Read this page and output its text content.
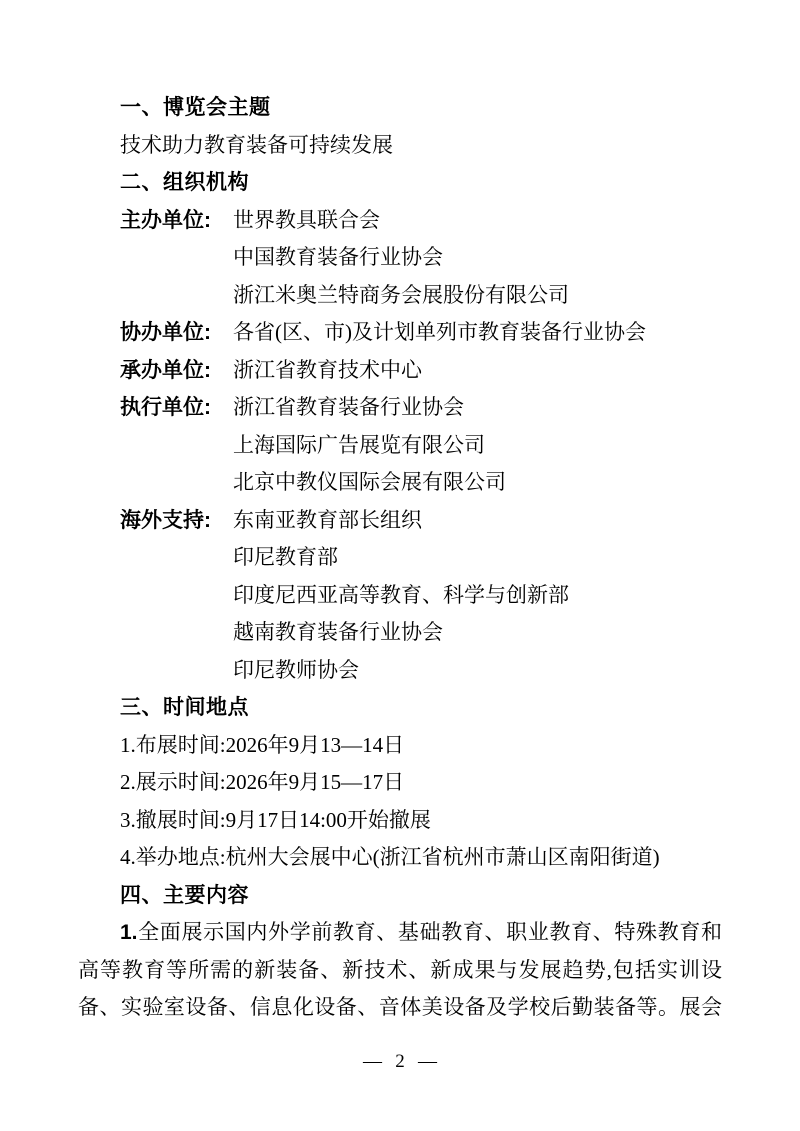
一、博览会主题
技术助力教育装备可持续发展
二、组织机构
主办单位: 世界教具联合会
中国教育装备行业协会
浙江米奥兰特商务会展股份有限公司
协办单位: 各省(区、市)及计划单列市教育装备行业协会
承办单位: 浙江省教育技术中心
执行单位: 浙江省教育装备行业协会
上海国际广告展览有限公司
北京中教仪国际会展有限公司
海外支持: 东南亚教育部长组织
印尼教育部
印度尼西亚高等教育、科学与创新部
越南教育装备行业协会
印尼教师协会
三、时间地点
1.布展时间:2026年9月13—14日
2.展示时间:2026年9月15—17日
3.撤展时间:9月17日14:00开始撤展
4.举办地点:杭州大会展中心(浙江省杭州市萧山区南阳街道)
四、主要内容
1.全面展示国内外学前教育、基础教育、职业教育、特殊教育和
高等教育等所需的新装备、新技术、新成果与发展趋势,包括实训设
备、实验室设备、信息化设备、音体美设备及学校后勤装备等。展会
— 2 —
